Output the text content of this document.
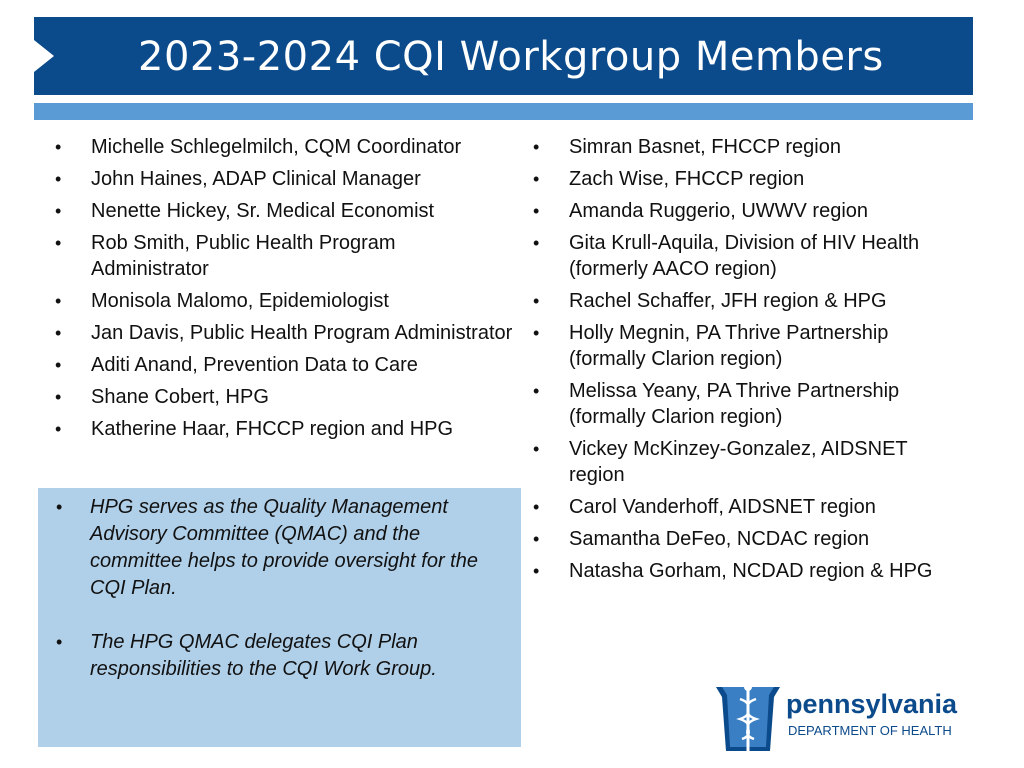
2023-2024 CQI Workgroup Members
• Michelle Schlegelmilch, CQM Coordinator
• John Haines, ADAP Clinical Manager
• Nenette Hickey, Sr. Medical Economist
• Rob Smith, Public Health Program Administrator
• Monisola Malomo, Epidemiologist
• Jan Davis, Public Health Program Administrator
• Aditi Anand, Prevention Data to Care
• Shane Cobert, HPG
• Katherine Haar, FHCCP region and HPG
• Simran Basnet, FHCCP region
• Zach Wise, FHCCP region
• Amanda Ruggerio, UWWV region
• Gita Krull-Aquila, Division of HIV Health (formerly AACO region)
• Rachel Schaffer, JFH region & HPG
• Holly Megnin, PA Thrive Partnership (formally Clarion region)
• Melissa Yeany, PA Thrive Partnership (formally Clarion region)
• Vickey McKinzey-Gonzalez, AIDSNET region
• Carol Vanderhoff, AIDSNET region
• Samantha DeFeo, NCDAC region
• Natasha Gorham, NCDAD region & HPG
• HPG serves as the Quality Management Advisory Committee (QMAC) and the committee helps to provide oversight for the CQI Plan.
• The HPG QMAC delegates CQI Plan responsibilities to the CQI Work Group.
pennsylvania
DEPARTMENT OF HEALTH
